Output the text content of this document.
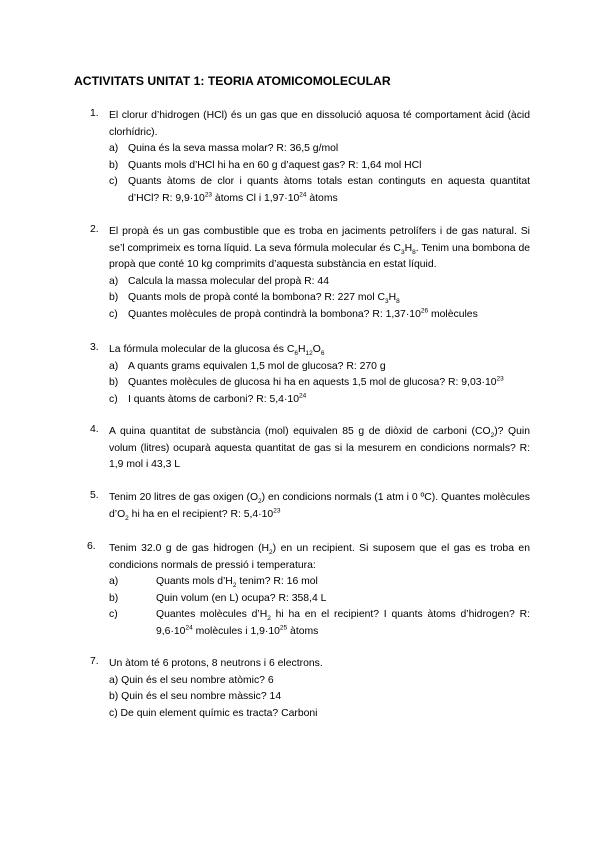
ACTIVITATS UNITAT 1: TEORIA ATOMICOMOLECULAR
1. El clorur d’hidrogen (HCl) és un gas que en dissolució aquosa té comportament àcid (àcid clorhídric).
a) Quina és la seva massa molar? R: 36,5 g/mol
b) Quants mols d’HCl hi ha en 60 g d’aquest gas? R: 1,64 mol HCl
c) Quants àtoms de clor i quants àtoms totals estan continguts en aquesta quantitat d’HCl? R: $9,9\cdot 10^{23}$ àtoms Cl i $1,97\cdot 10^{24}$ àtoms
2. El propà és un gas combustible que es troba en jaciments petrolífers i de gas natural. Si se’l comprimeix es torna líquid. La seva fórmula molecular és $C_3H_8$. Tenim una bombona de propà que conté 10 kg comprimits d’aquesta substància en estat líquid.
a) Calcula la massa molecular del propà R: 44
b) Quants mols de propà conté la bombona? R: 227 mol $C_3H_8$
c) Quantes molècules de propà contindrà la bombona? R: $1,37\cdot 10^{26}$ molècules
3. La fórmula molecular de la glucosa és $C_6H_{12}O_6$
a) A quants grams equivalen 1,5 mol de glucosa? R: 270 g
b) Quantes molècules de glucosa hi ha en aquests 1,5 mol de glucosa? R: $9,03\cdot 10^{23}$
c) I quants àtoms de carboni? R: $5,4\cdot 10^{24}$
4. A quina quantitat de substància (mol) equivalen 85 g de diòxid de carboni $(CO_2)$? Quin volum (litres) ocuparà aquesta quantitat de gas si la mesurem en condicions normals? R: 1,9 mol i 43,3 L
5. Tenim 20 litres de gas oxigen $(O_2)$ en condicions normals (1 atm i 0 ºC). Quantes molècules $d’O_2$ hi ha en el recipient? R: $5,4\cdot 10^{23}$
6. Tenim 32.0 g de gas hidrogen $(H_2)$ en un recipient. Si suposem que el gas es troba en condicions normals de pressió i temperatura:
a)	Quants mols $d’H_2$ tenim? R: 16 mol
b)	Quin volum (en L) ocupa? R: 358,4 L
c)	Quantes molècules $d’H_2$ hi ha en el recipient? I quants àtoms d’hidrogen? R: $9,6\cdot 10^{24}$ molècules i $1,9\cdot 10^{25}$ àtoms
7. Un àtom té 6 protons, 8 neutrons i 6 electrons.
a) Quin és el seu nombre atòmic? 6
b) Quin és el seu nombre màssic? 14
c) De quin element químic es tracta? Carboni
